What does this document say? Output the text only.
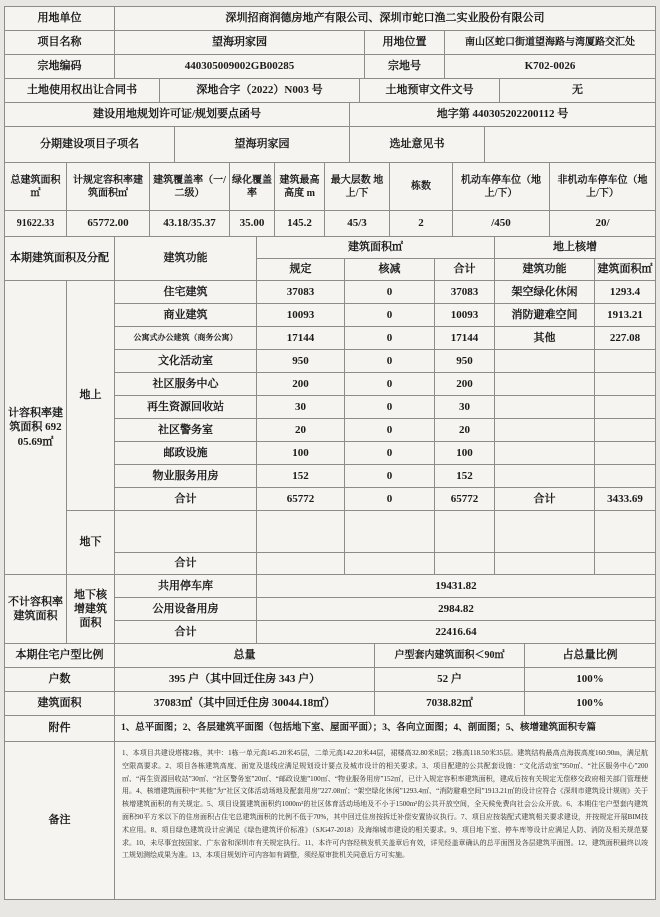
用地单位	深圳招商润德房地产有限公司、深圳市蛇口渔二实业股份有限公司
项目名称	望海玥家园	用地位置	南山区蛇口街道望海路与湾厦路交汇处
宗地编码	440305009002GB00285	宗地号	K702-0026
土地使用权出让合同书	深地合字（2022）N003 号	土地预审文件文号	无
建设用地规划许可证/规划要点函号	地字第 440305202200112 号
分期建设项目子项名	望海玥家园	选址意见书	
总建筑面积㎡	计规定容积率建筑面积㎡	建筑覆盖率（一/二级）	绿化覆盖率	建筑最高高度 m	最大层数 地上/下	栋数	机动车停车位（地上/下）	非机动车停车位（地上/下）
91622.33	65772.00	43.18/35.37	35.00	145.2	45/3	2	/450	20/
本期建筑面积及分配		建筑功能	建筑面积㎡			地上核增	
			规定	核减	合计	建筑功能	建筑面积㎡
计容积率建筑面积 69205.69㎡	地上	住宅建筑	37083	0	37083	架空绿化休闲	1293.4
		商业建筑	10093	0	10093	消防避难空间	1913.21
		公寓式办公建筑（商务公寓）	17144	0	17144	其他	227.08
		文化活动室	950	0	950		
		社区服务中心	200	0	200		
		再生资源回收站	30	0	30		
		社区警务室	20	0	20		
		邮政设施	100	0	100		
		物业服务用房	152	0	152		
		合计	65772	0	65772	合计	3433.69
	地下						
		合计					
不计容积率建筑面积	地下核增建筑面积	共用停车库	19431.82				
		公用设备用房	2984.82				
		合计	22416.64				
本期住宅户型比例	总量	户型套内建筑面积＜90㎡	占总量比例
户数	395 户（其中回迁住房 343 户）	52 户	100%
建筑面积	37083㎡（其中回迁住房 30044.18㎡）	7038.82㎡	100%
附件	1、总平面图；2、各层建筑平面图（包括地下室、屋面平面）；3、各向立面图；4、剖面图；5、核增建筑面积专篇
备注	1、本项目共建设塔楼2栋，其中：1栋一单元高145.20米45层，二单元高142.20米44层，裙楼高32.80米8层；2栋高118.50米35层。建筑结构最高点海拔高度160.90m，满足航空限高要求。2、项目各栋建筑高度、面宽及退线应满足规划设计要点及城市设计的相关要求。3、项目配建的公共配套设施：“文化活动室”950㎡、“社区服务中心”200㎡、“再生资源回收站”30㎡、“社区警务室”20㎡、“邮政设施”100㎡、“物业服务用房”152㎡，已计入规定容积率建筑面积，建成后按有关规定无偿移交政府相关部门管理使用。4、核增建筑面积中“其他”为“社区文体活动场地及配套用房”227.08㎡；“架空绿化休闲”1293.4㎡、“消防避难空间”1913.21㎡的设计应符合《深圳市建筑设计规则》关于核增建筑面积的有关规定。5、项目设置建筑面积约1000m²的社区体育活动场地及不小于1500m²的公共开放空间，全天候免费向社会公众开放。6、本期住宅户型套内建筑面积90平方米以下的住房面积占住宅总建筑面积的比例不低于70%，其中回迁住房按拆迁补偿安置协议执行。7、项目应按装配式建筑相关要求建设，并按规定开展BIM技术应用。8、项目绿色建筑设计应满足《绿色建筑评价标准》（SJG47-2018）及海绵城市建设的相关要求。9、项目地下室、停车库等设计应满足人防、消防及相关规范要求。10、未尽事宜按国家、广东省和深圳市有关规定执行。11、本许可内容经核发机关盖章后有效，详见经盖章确认的总平面图及各层建筑平面图。12、建筑面积最终以竣工规划测绘成果为准。13、本项目规划许可内容如有调整，须经原审批机关同意后方可实施。
